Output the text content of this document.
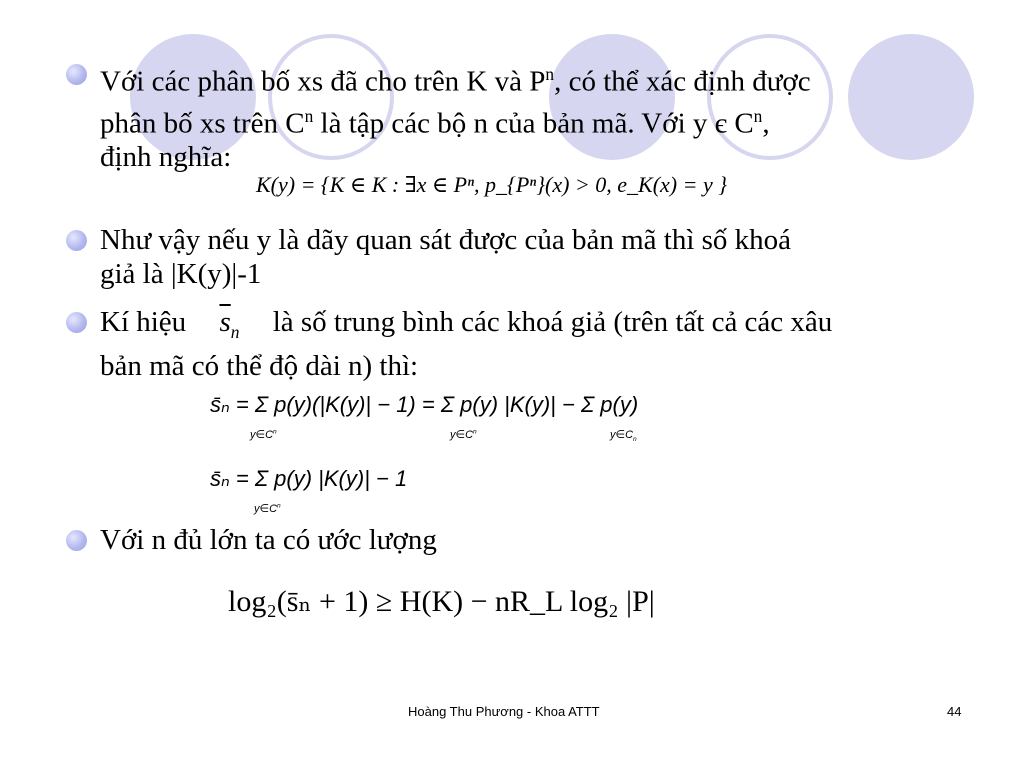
Với các phân bố xs đã cho trên K và $P^n$, có thể xác định được
phân bố xs trên $C^n$ là tập các bộ n của bản mã. Với y є $C^n$,
định nghĩa:
K(y) = {K ∈ K : ∃x ∈ Pⁿ, p_{Pⁿ}(x) > 0, e_K(x) = y }
Như vậy nếu y là dãy quan sát được của bản mã thì số khoá
giả là |K(y)|-1
Kí hiệu $\overline{s}_n$ là số trung bình các khoá giả (trên tất cả các xâu
bản mã có thể độ dài n) thì:
s̄ₙ = Σ p(y)(|K(y)| − 1) = Σ p(y) |K(y)| − Σ p(y)
$y\in C^n$	$y\in C^n$	$y\in C_n$
s̄ₙ = Σ p(y) |K(y)| − 1
$y\in C^n$
Với n đủ lớn ta có ước lượng
log₂(s̄ₙ + 1) ≥ H(K) − nR_L log₂ |P|
Hoàng Thu Phương - Khoa ATTT	44
